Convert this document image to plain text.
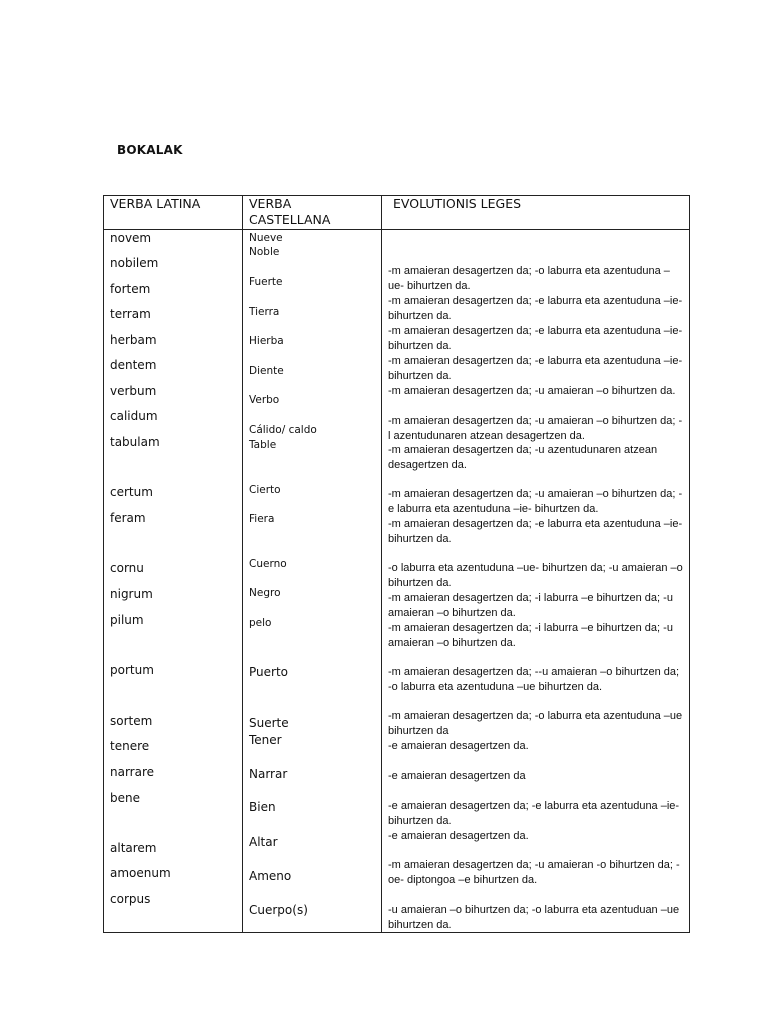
BOKALAK
VERBA LATINA	VERBA CASTELLANA
EVOLUTIONIS LEGES
novem
nobilem
fortem
terram
herbam
dentem
verbum
calidum
tabulam
certum
feram
cornu
nigrum
pilum
portum
sortem
tenere
narrare
bene
altarem
amoenum
corpus
Nueve
Noble
Fuerte
Tierra
Hierba
Diente
Verbo
Cálido/ caldo
Table
Cierto
Fiera
Cuerno
Negro
pelo
Puerto
Suerte
Tener
Narrar
Bien
Altar
Ameno
Cuerpo(s)
-m amaieran desagertzen da; -o laburra eta azentuduna –ue- bihurtzen da.
-m amaieran desagertzen da; -e laburra eta azentuduna –ie- bihurtzen da.
-m amaieran desagertzen da; -e laburra eta azentuduna –ie- bihurtzen da.
-m amaieran desagertzen da; -e laburra eta azentuduna –ie- bihurtzen da.
-m amaieran desagertzen da; -u amaieran –o bihurtzen da.
-m amaieran desagertzen da; -u amaieran –o bihurtzen da; -l azentudunaren atzean desagertzen da.
-m amaieran desagertzen da; -u azentudunaren atzean desagertzen da.
-m amaieran desagertzen da; -u amaieran –o bihurtzen da; -e laburra eta azentuduna –ie- bihurtzen da.
-m amaieran desagertzen da; -e laburra eta azentuduna –ie- bihurtzen da.
-o laburra eta azentuduna –ue- bihurtzen da; -u amaieran –o bihurtzen da.
-m amaieran desagertzen da; -i laburra –e bihurtzen da; -u amaieran –o bihurtzen da.
-m amaieran desagertzen da; -i laburra –e bihurtzen da; -u amaieran –o bihurtzen da.
-m amaieran desagertzen da; --u amaieran –o bihurtzen da; -o laburra eta azentuduna –ue bihurtzen da.
-m amaieran desagertzen da; -o laburra eta azentuduna –ue bihurtzen da
-e amaieran desagertzen da.
-e amaieran desagertzen da
-e amaieran desagertzen da; -e laburra eta azentuduna –ie- bihurtzen da.
-e amaieran desagertzen da.
-m amaieran desagertzen da; -u amaieran -o bihurtzen da; -oe- diptongoa –e bihurtzen da.
-u amaieran –o bihurtzen da; -o laburra eta azentuduan –ue bihurtzen da.
